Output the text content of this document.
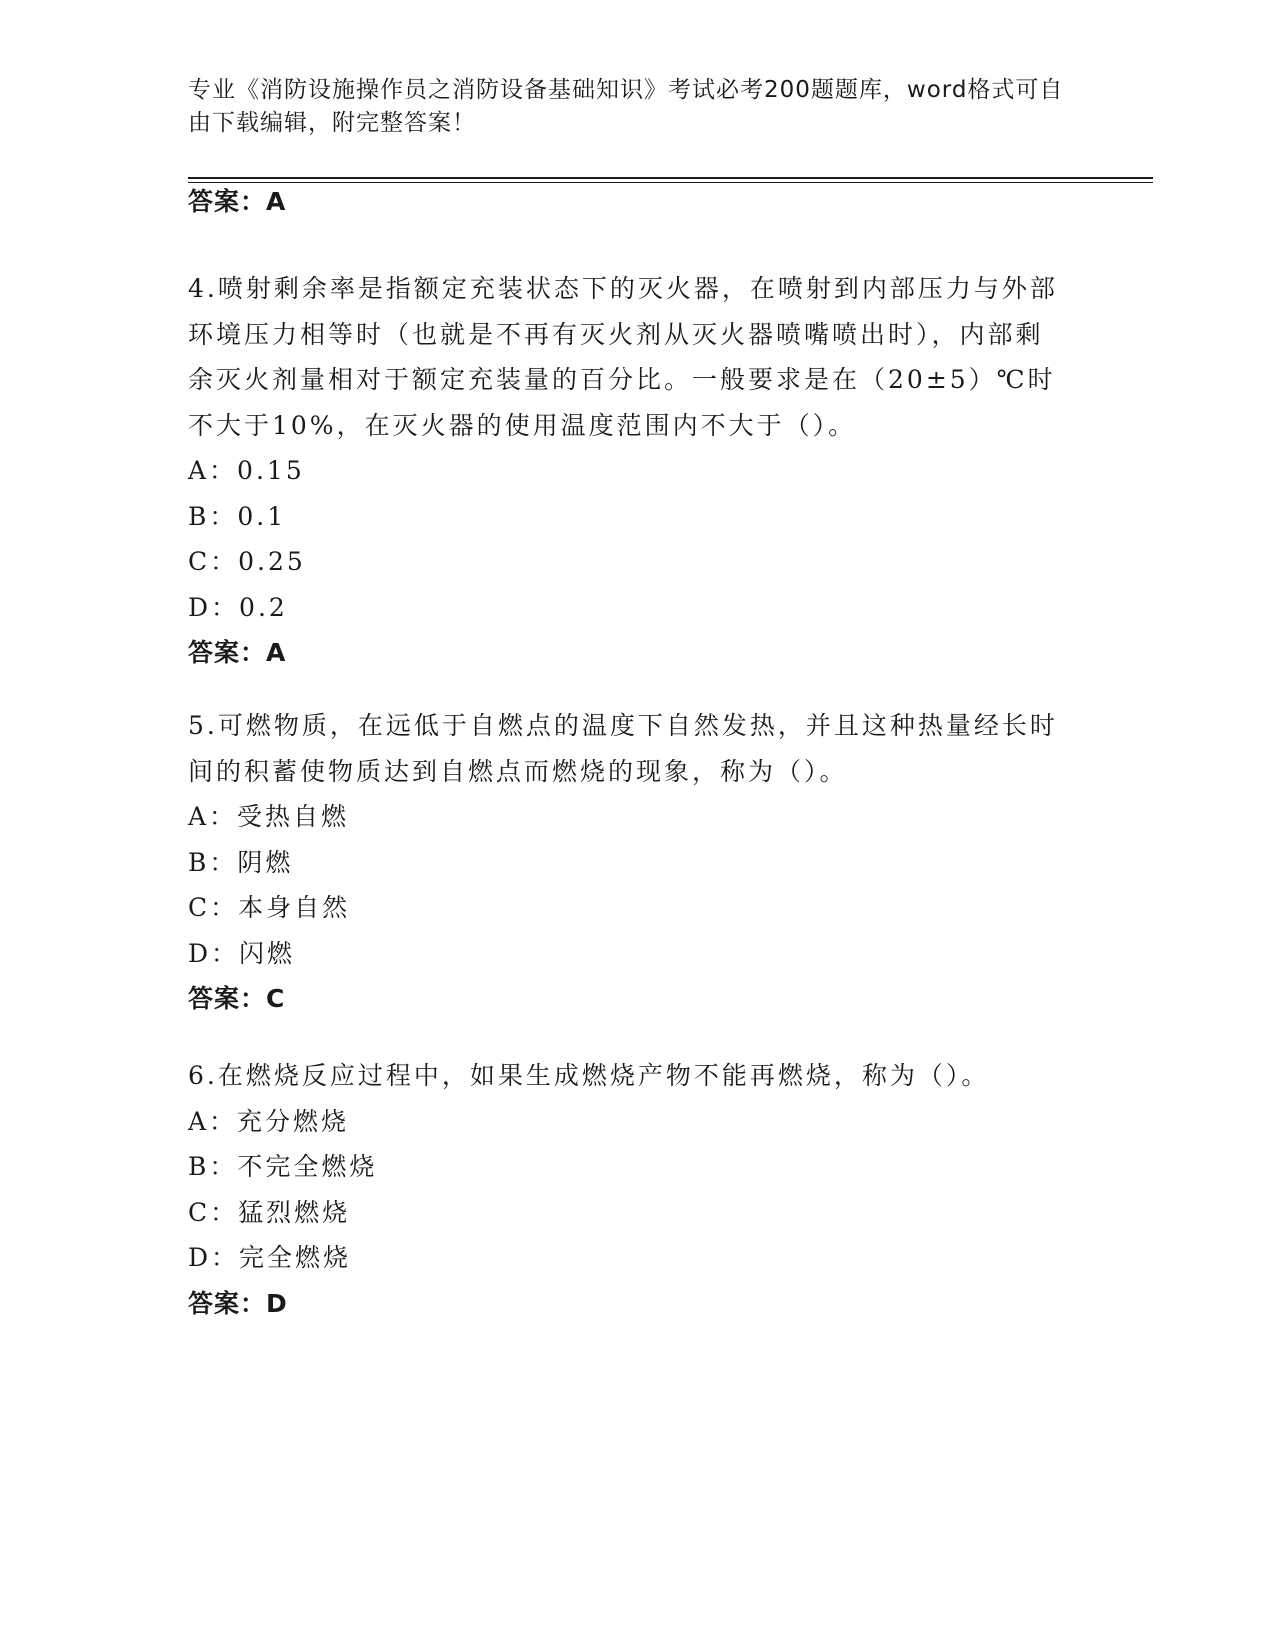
专业《消防设施操作员之消防设备基础知识》考试必考200题题库，word格式可自由下载编辑，附完整答案！
答案：A
4.喷射剩余率是指额定充装状态下的灭火器，在喷射到内部压力与外部环境压力相等时（也就是不再有灭火剂从灭火器喷嘴喷出时），内部剩余灭火剂量相对于额定充装量的百分比。一般要求是在（20±5）℃时不大于10%，在灭火器的使用温度范围内不大于（）。
A：0.15
B：0.1
C：0.25
D：0.2
答案：A
5.可燃物质，在远低于自燃点的温度下自然发热，并且这种热量经长时间的积蓄使物质达到自燃点而燃烧的现象，称为（）。
A：受热自燃
B：阴燃
C：本身自然
D：闪燃
答案：C
6.在燃烧反应过程中，如果生成燃烧产物不能再燃烧，称为（）。
A：充分燃烧
B：不完全燃烧
C：猛烈燃烧
D：完全燃烧
答案：D
